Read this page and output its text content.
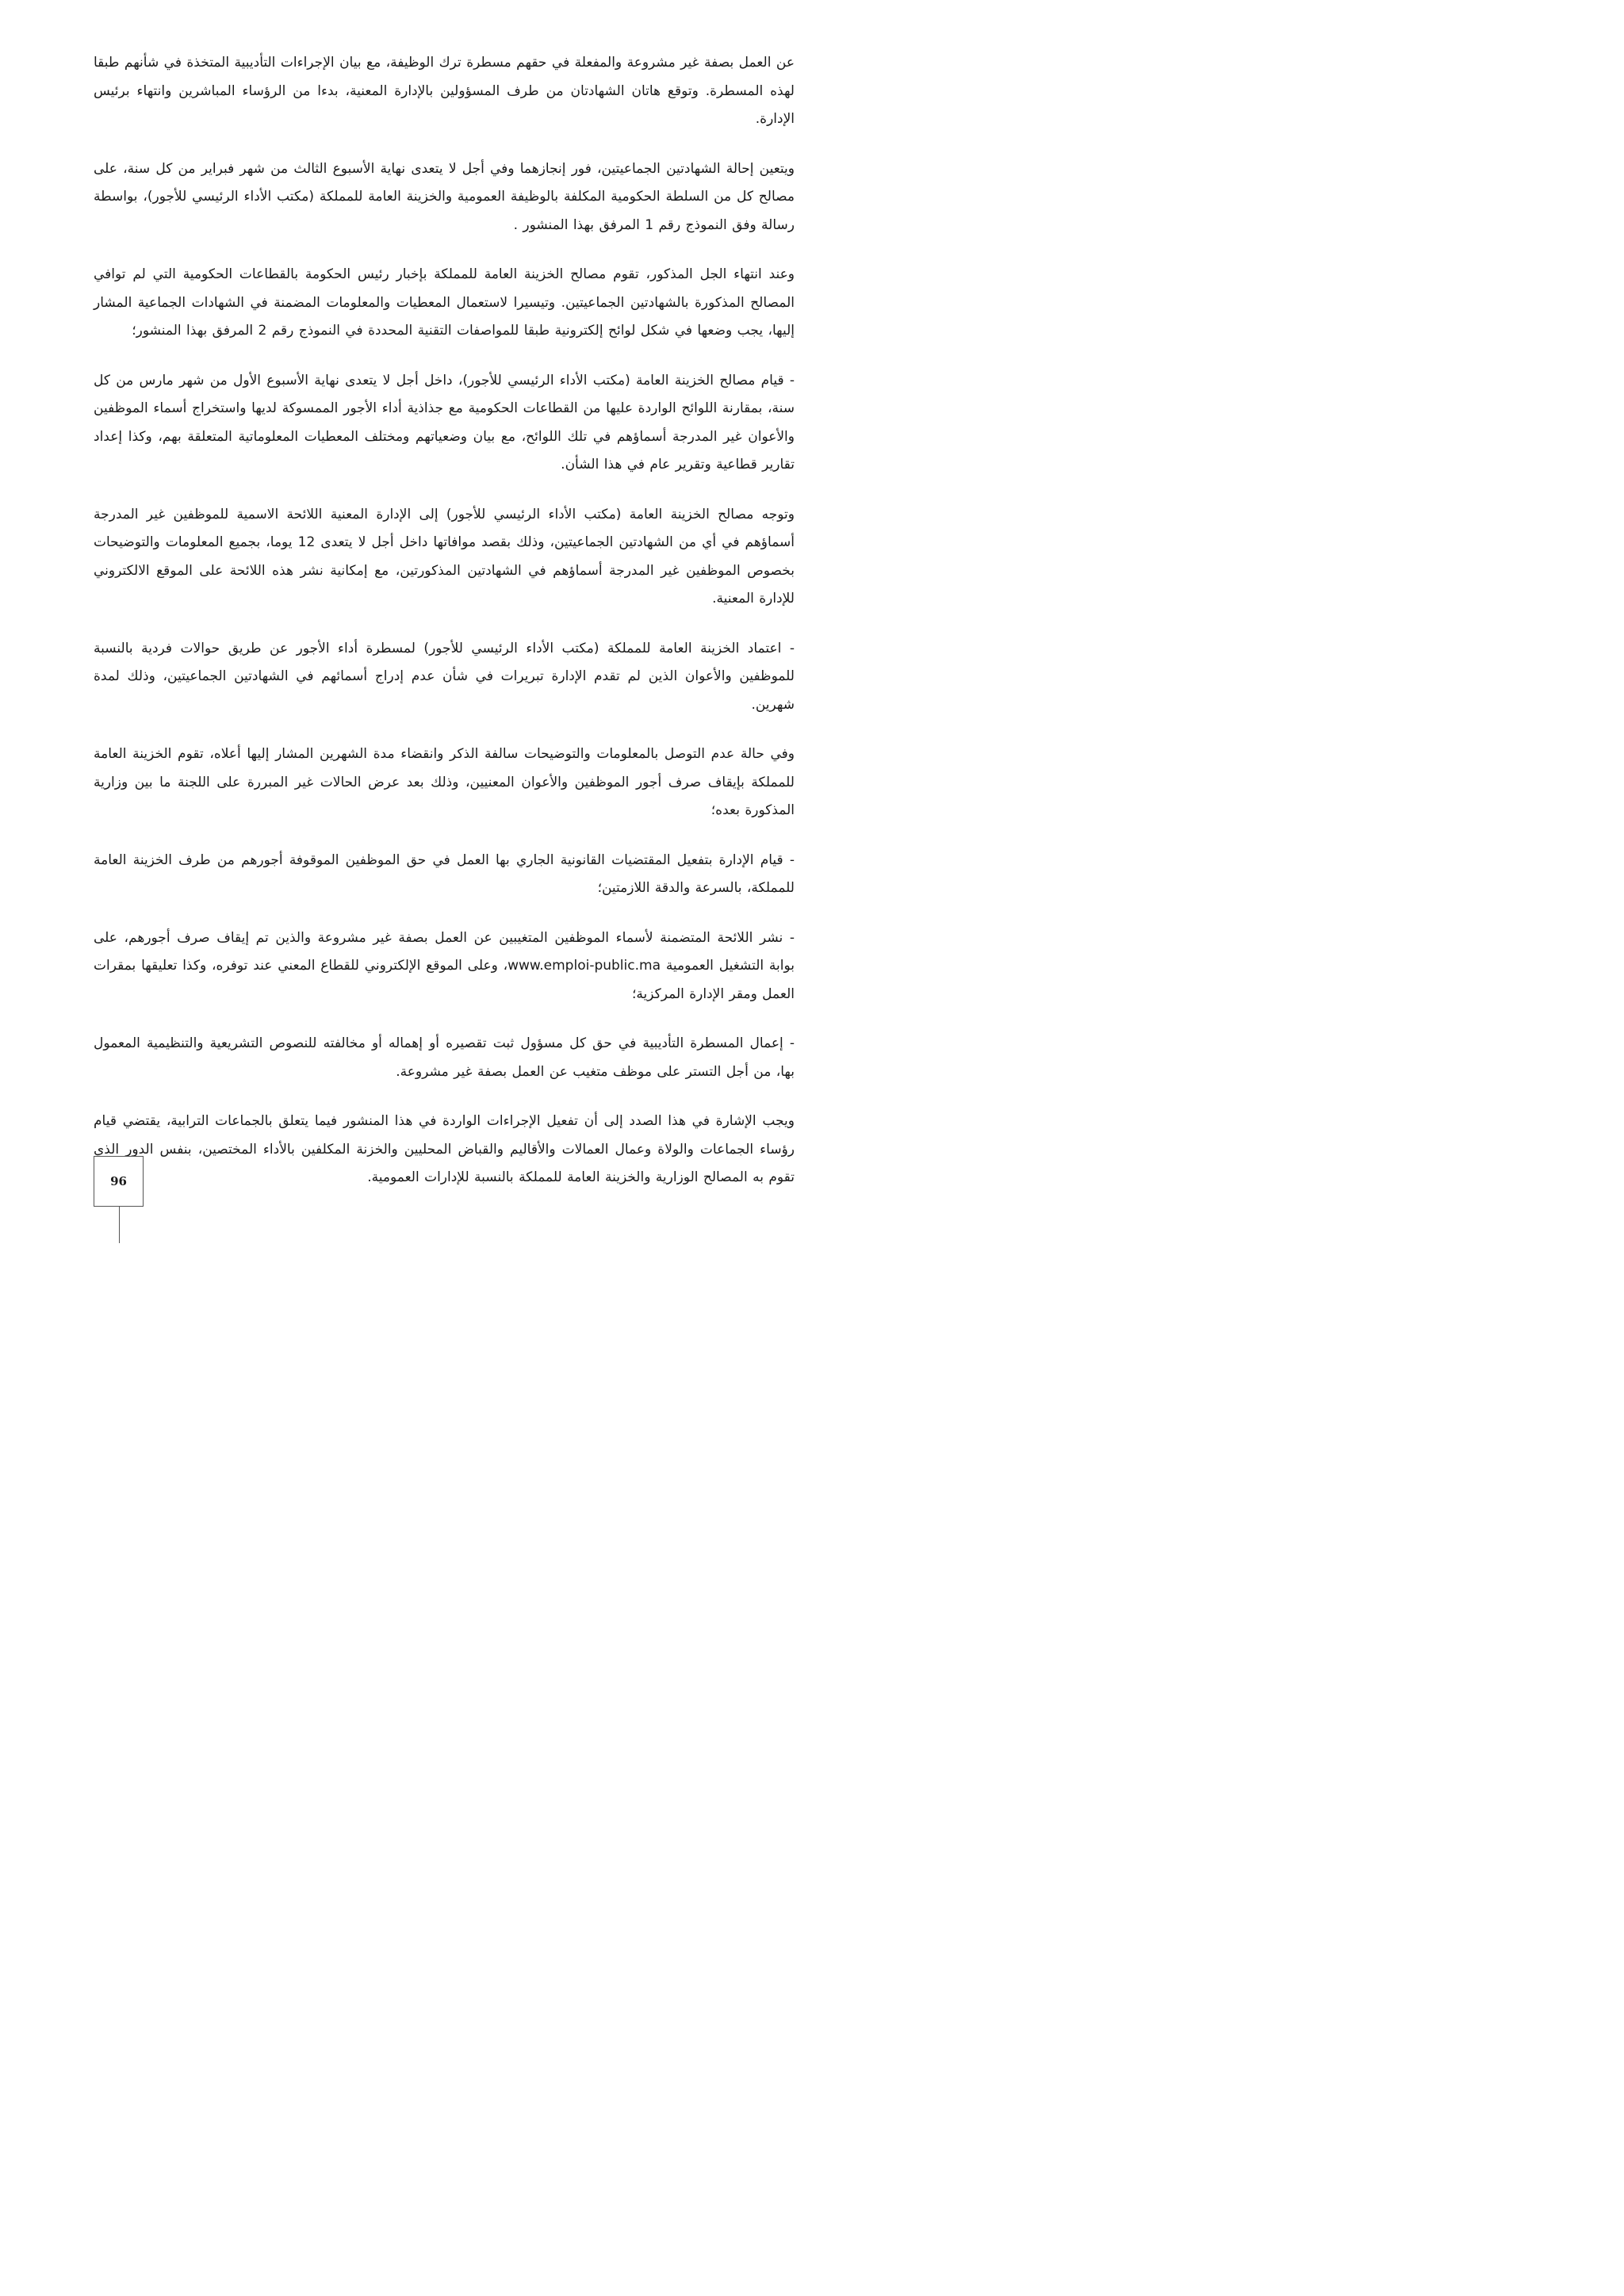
عن العمل بصفة غير مشروعة والمفعلة في حقهم مسطرة ترك الوظيفة، مع بيان الإجراءات التأديبية المتخذة في شأنهم طبقا لهذه المسطرة. وتوقع هاتان الشهادتان من طرف المسؤولين بالإدارة المعنية، بدءا من الرؤساء المباشرين وانتهاء برئيس الإدارة.

ويتعين إحالة الشهادتين الجماعيتين، فور إنجازهما وفي أجل لا يتعدى نهاية الأسبوع الثالث من شهر فبراير من كل سنة، على مصالح كل من السلطة الحكومية المكلفة بالوظيفة العمومية والخزينة العامة للمملكة (مكتب الأداء الرئيسي للأجور)، بواسطة رسالة وفق النموذج رقم 1 المرفق بهذا المنشور .

وعند انتهاء الجل المذكور، تقوم مصالح الخزينة العامة للمملكة بإخبار رئيس الحكومة بالقطاعات الحكومية التي لم توافي المصالح المذكورة بالشهادتين الجماعيتين. وتيسيرا لاستعمال المعطيات والمعلومات المضمنة في الشهادات الجماعية المشار إليها، يجب وضعها في شكل لوائح إلكترونية طبقا للمواصفات التقنية المحددة في النموذج رقم 2 المرفق بهذا المنشور؛

- قيام مصالح الخزينة العامة (مكتب الأداء الرئيسي للأجور)، داخل أجل لا يتعدى نهاية الأسبوع الأول من شهر مارس من كل سنة، بمقارنة اللوائح الواردة عليها من القطاعات الحكومية مع جذاذية أداء الأجور الممسوكة لديها واستخراج أسماء الموظفين والأعوان غير المدرجة أسماؤهم في تلك اللوائح، مع بيان وضعياتهم ومختلف المعطيات المعلوماتية المتعلقة بهم، وكذا إعداد تقارير قطاعية وتقرير عام في هذا الشأن.

وتوجه مصالح الخزينة العامة (مكتب الأداء الرئيسي للأجور) إلى الإدارة المعنية اللائحة الاسمية للموظفين غير المدرجة أسماؤهم في أي من الشهادتين الجماعيتين، وذلك بقصد موافاتها داخل أجل لا يتعدى 12 يوما، بجميع المعلومات والتوضيحات بخصوص الموظفين غير المدرجة أسماؤهم في الشهادتين المذكورتين، مع إمكانية نشر هذه اللائحة على الموقع الالكتروني للإدارة المعنية.

- اعتماد الخزينة العامة للمملكة (مكتب الأداء الرئيسي للأجور) لمسطرة أداء الأجور عن طريق حوالات فردية بالنسبة للموظفين والأعوان الذين لم تقدم الإدارة تبريرات في شأن عدم إدراج أسمائهم في الشهادتين الجماعيتين، وذلك لمدة شهرين.

وفي حالة عدم التوصل بالمعلومات والتوضيحات سالفة الذكر وانقضاء مدة الشهرين المشار إليها أعلاه، تقوم الخزينة العامة للمملكة بإيقاف صرف أجور الموظفين والأعوان المعنيين، وذلك بعد عرض الحالات غير المبررة على اللجنة ما بين وزارية المذكورة بعده؛

- قيام الإدارة بتفعيل المقتضيات القانونية الجاري بها العمل في حق الموظفين الموقوفة أجورهم من طرف الخزينة العامة للمملكة، بالسرعة والدقة اللازمتين؛

- نشر اللائحة المتضمنة لأسماء الموظفين المتغيبين عن العمل بصفة غير مشروعة والذين تم إيقاف صرف أجورهم، على بوابة التشغيل العمومية www.emploi-public.ma، وعلى الموقع الإلكتروني للقطاع المعني عند توفره، وكذا تعليقها بمقرات العمل ومقر الإدارة المركزية؛

- إعمال المسطرة التأديبية في حق كل مسؤول ثبت تقصيره أو إهماله أو مخالفته للنصوص التشريعية والتنظيمية المعمول بها، من أجل التستر على موظف متغيب عن العمل بصفة غير مشروعة.

ويجب الإشارة في هذا الصدد إلى أن تفعيل الإجراءات الواردة في هذا المنشور فيما يتعلق بالجماعات الترابية، يقتضي قيام رؤساء الجماعات والولاة وعمال العمالات والأقاليم والقباض المحليين والخزنة المكلفين بالأداء المختصين، بنفس الدور الذي تقوم به المصالح الوزارية والخزينة العامة للمملكة بالنسبة للإدارات العمومية.

96
